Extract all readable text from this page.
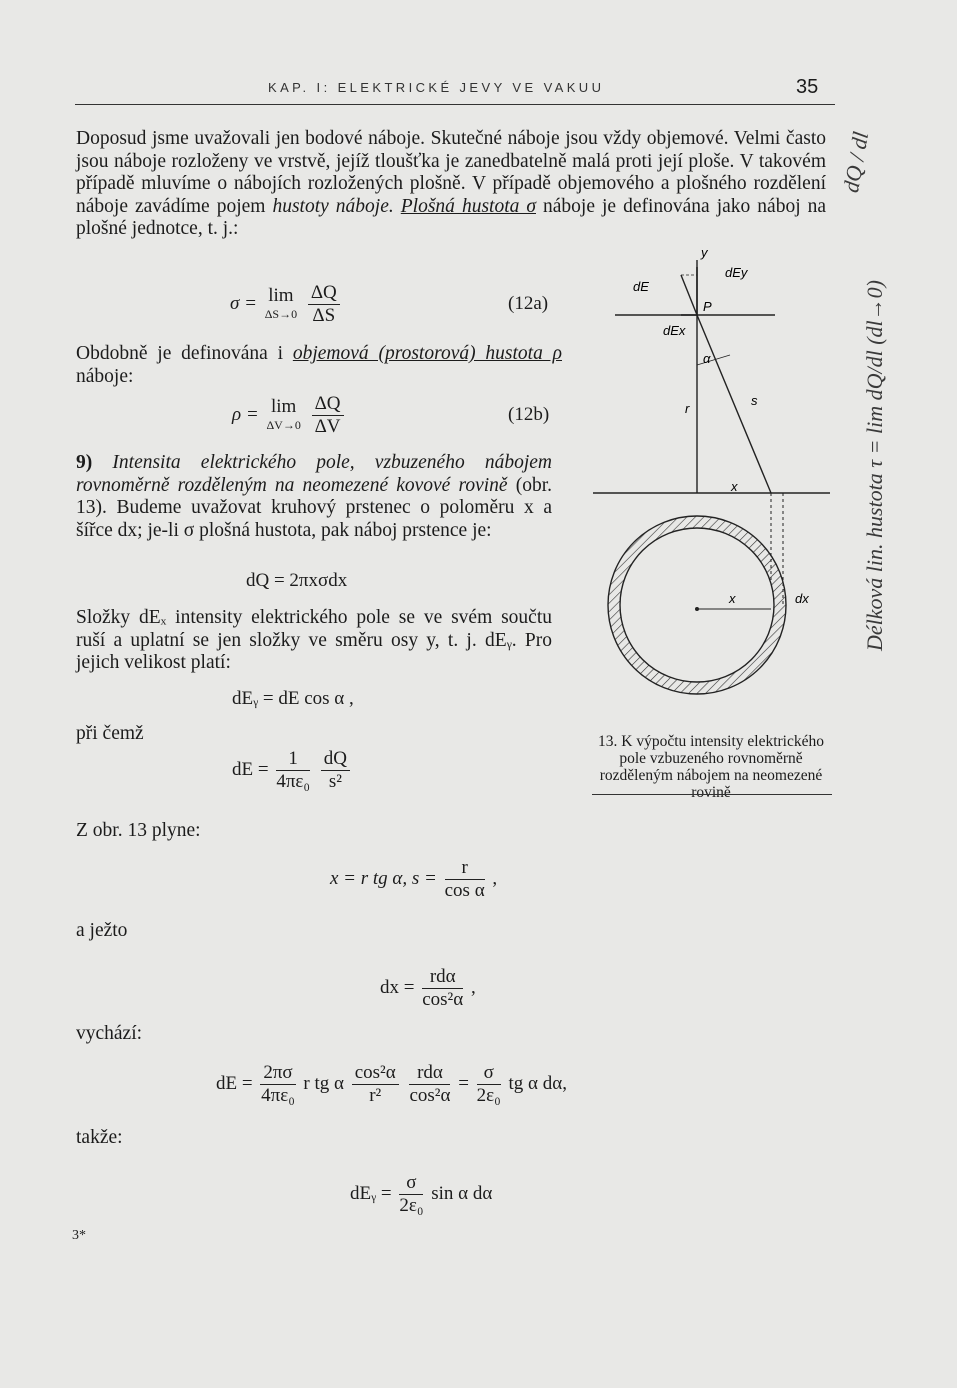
KAP. I: ELEKTRICKÉ JEVY VE VAKUU	35

Doposud jsme uvažovali jen bodové náboje. Skutečné náboje jsou vždy objemové. Velmi často jsou náboje rozloženy ve vrstvě, jejíž tloušťka je zanedbatelně malá proti její ploše. V takovém případě mluvíme o nábojích rozložených plošně. V případě objemového a plošného rozdělení náboje zavádíme pojem hustoty náboje. Plošná hustota σ náboje je definována jako náboj na plošné jednotce, t. j.:

σ = lim
ΔS→0
$\frac{\Delta Q}{\Delta S}$	(12a)

Obdobně je definována i objemová (prostorová) hustota ρ náboje:

ρ = lim
ΔV→0
$\frac{\Delta Q}{\Delta V}$	(12b)

9) Intensita elektrického pole, vzbuzeného nábojem rovnoměrně rozděleným na neomezené kovové rovině (obr. 13). Budeme uvažovat kruhový prstenec o poloměru x a šířce dx; je-li σ plošná hustota, pak náboj prstence je:

dQ = 2πxσdx

Složky dEₓ intensity elektrického pole se ve svém součtu ruší a uplatní se jen složky ve směru osy y, t. j. dEᵧ. Pro jejich velikost platí:

dEᵧ = dE cos α ,
při čemž
dE = $\frac{1}{\text{4πε₀}}$
$\frac{dQ}{\text{s²}}$
Z obr. 13 plyne:
x = r tg α, $s = \frac{r}{\text{cos α}}$ ,
a ježto
dx = $\frac{\text{rdα}}{\text{cos²α}}$ ,
vychází:
dE = $\frac{2\pi\sigma}{\text{4πε₀}}$ r tg α $\frac{\text{cos²α}}{\text{r²}}$
$\frac{\text{rdα}}{\text{cos²α}} = \frac{\sigma}{\text{2ε₀}}$ tg α dα,
takže:
dEᵧ = $\frac{\sigma}{\text{2ε₀}}$ sin α dα
3*
dE
dEy
dEx
y
P
α
r
s
x
x	dx
13. K výpočtu intensity elektrického pole vzbuzeného rovnoměrně rozděleným nábojem na neomezené rovině
dQ / dl
Délková lin. hustota τ = lim dQ/dl (dl→0)
